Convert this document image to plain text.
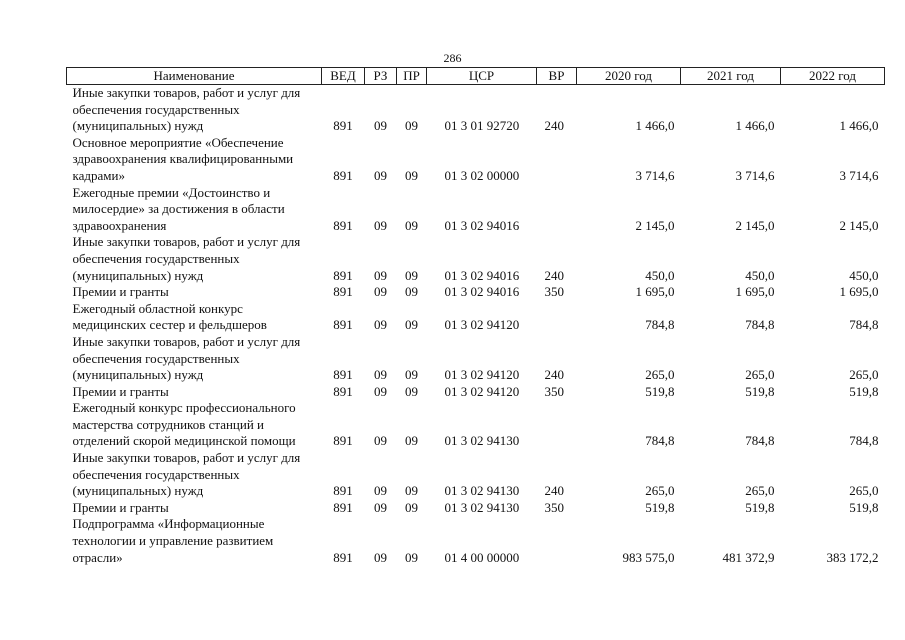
286
Наименование	ВЕД	РЗ	ПР	ЦСР	ВР	2020 год	2021 год	2022 год
Иные закупки товаров, работ и услуг для обеспечения государственных (муниципальных) нужд	891	09	09	01 3 01 92720	240	1 466,0	1 466,0	1 466,0
Основное мероприятие «Обеспечение здравоохранения квалифицированными кадрами»	891	09	09	01 3 02 00000		3 714,6	3 714,6	3 714,6
Ежегодные премии «Достоинство и милосердие» за достижения в области здравоохранения	891	09	09	01 3 02 94016		2 145,0	2 145,0	2 145,0
Иные закупки товаров, работ и услуг для обеспечения государственных (муниципальных) нужд	891	09	09	01 3 02 94016	240	450,0	450,0	450,0
Премии и гранты	891	09	09	01 3 02 94016	350	1 695,0	1 695,0	1 695,0
Ежегодный областной конкурс медицинских сестер и фельдшеров	891	09	09	01 3 02 94120		784,8	784,8	784,8
Иные закупки товаров, работ и услуг для обеспечения государственных (муниципальных) нужд	891	09	09	01 3 02 94120	240	265,0	265,0	265,0
Премии и гранты	891	09	09	01 3 02 94120	350	519,8	519,8	519,8
Ежегодный конкурс профессионального мастерства сотрудников станций и отделений скорой медицинской помощи	891	09	09	01 3 02 94130		784,8	784,8	784,8
Иные закупки товаров, работ и услуг для обеспечения государственных (муниципальных) нужд	891	09	09	01 3 02 94130	240	265,0	265,0	265,0
Премии и гранты	891	09	09	01 3 02 94130	350	519,8	519,8	519,8
Подпрограмма «Информационные технологии и управление развитием отрасли»	891	09	09	01 4 00 00000		983 575,0	481 372,9	383 172,2
